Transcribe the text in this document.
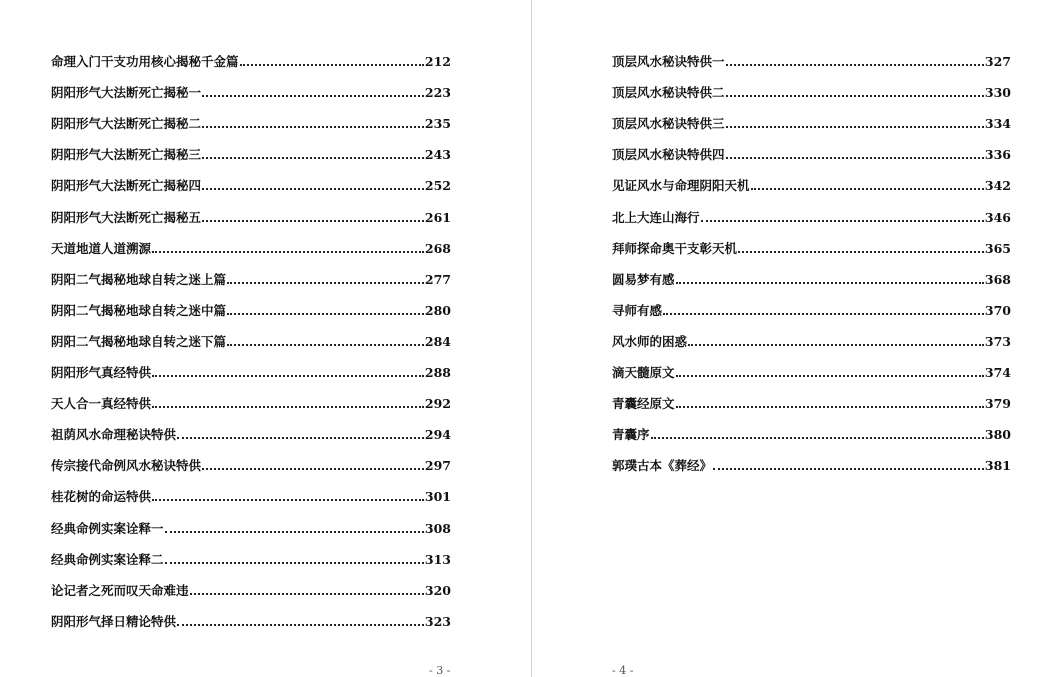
命理入门干支功用核心揭秘千金篇	212
阴阳形气大法断死亡揭秘一	223
阴阳形气大法断死亡揭秘二	235
阴阳形气大法断死亡揭秘三	243
阴阳形气大法断死亡揭秘四	252
阴阳形气大法断死亡揭秘五	261
天道地道人道溯源	268
阴阳二气揭秘地球自转之迷上篇	277
阴阳二气揭秘地球自转之迷中篇	280
阴阳二气揭秘地球自转之迷下篇	284
阴阳形气真经特供	288
天人合一真经特供	292
祖荫风水命理秘诀特供	294
传宗接代命例风水秘诀特供	297
桂花树的命运特供	301
经典命例实案诠释一	308
经典命例实案诠释二	313
论记者之死而叹天命难违	320
阴阳形气择日精论特供	323
- 3 -
顶层风水秘诀特供一	327
顶层风水秘诀特供二	330
顶层风水秘诀特供三	334
顶层风水秘诀特供四	336
见证风水与命理阴阳天机	342
北上大连山海行	346
拜师探命奥干支彰天机	365
圆易梦有感	368
寻师有感	370
风水师的困惑	373
滴天髓原文	374
青囊经原文	379
青囊序	380
郭璞古本《葬经》	381
- 4 -
